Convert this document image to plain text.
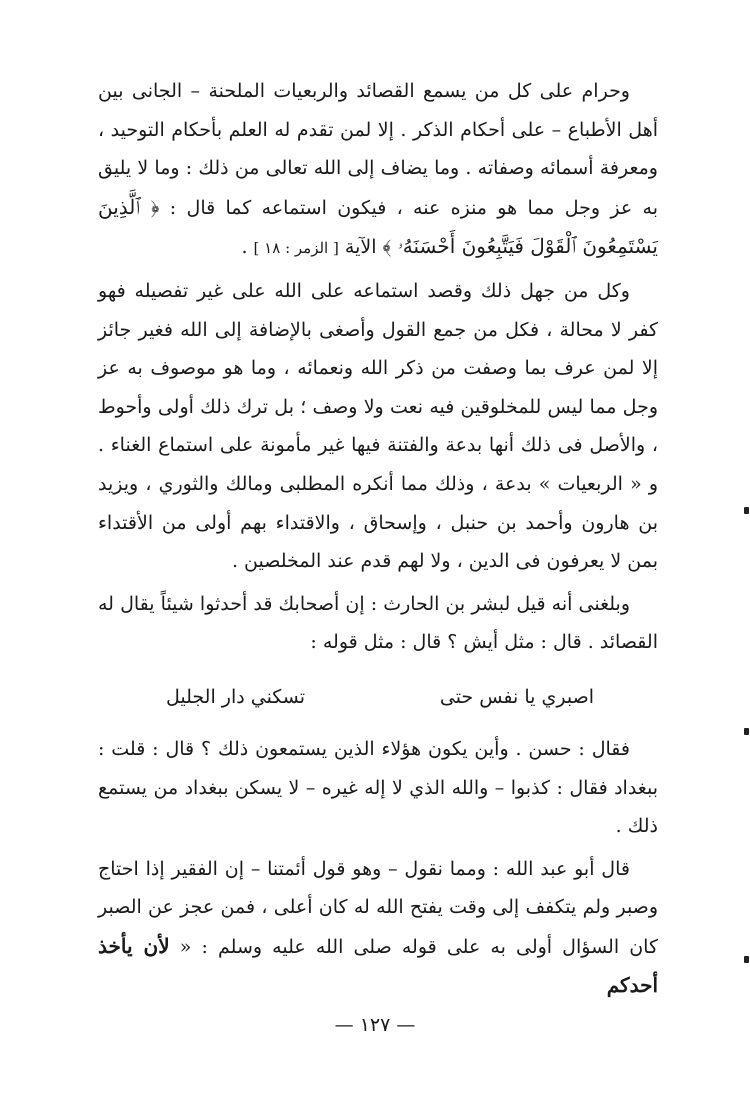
وحرام على كل من يسمع القصائد والربعيات الملحنة – الجانى بين أهل الأطباع – على أحكام الذكر . إلا لمن تقدم له العلم بأحكام التوحيد ، ومعرفة أسمائه وصفاته . وما يضاف إلى الله تعالى من ذلك : وما لا يليق به عز وجل مما هو منزه عنه ، فيكون استماعه كما قال : ﴿ ٱلَّذِينَ يَسْتَمِعُونَ ٱلْقَوْلَ فَيَتَّبِعُونَ أَحْسَنَهُۥ ﴾ الآية [ الزمر : ١٨ ] .

وكل من جهل ذلك وقصد استماعه على الله على غير تفصيله فهو كفر لا محالة ، فكل من جمع القول وأصغى بالإضافة إلى الله فغير جائز إلا لمن عرف بما وصفت من ذكر الله ونعمائه ، وما هو موصوف به عز وجل مما ليس للمخلوقين فيه نعت ولا وصف ؛ بل ترك ذلك أولى وأحوط ، والأصل فى ذلك أنها بدعة والفتنة فيها غير مأمونة على استماع الغناء . و « الربعيات » بدعة ، وذلك مما أنكره المطلبى ومالك والثوري ، ويزيد بن هارون وأحمد بن حنبل ، وإسحاق ، والاقتداء بهم أولى من الأقتداء بمن لا يعرفون فى الدين ، ولا لهم قدم عند المخلصين .

وبلغنى أنه قيل لبشر بن الحارث : إن أصحابك قد أحدثوا شيئاً يقال له القصائد . قال : مثل أيش ؟ قال : مثل قوله :

اصبري يا نفس حتى
تسكني دار الجليل

فقال : حسن . وأين يكون هؤلاء الذين يستمعون ذلك ؟ قال : قلت : ببغداد فقال : كذبوا – والله الذي لا إله غيره – لا يسكن ببغداد من يستمع ذلك .

قال أبو عبد الله : ومما نقول – وهو قول أئمتنا – إن الفقير إذا احتاج وصبر ولم يتكفف إلى وقت يفتح الله له كان أعلى ، فمن عجز عن الصبر كان السؤال أولى به على قوله صلى الله عليه وسلم : « لأن يأخذ أحدكم

— ١٢٧ —
